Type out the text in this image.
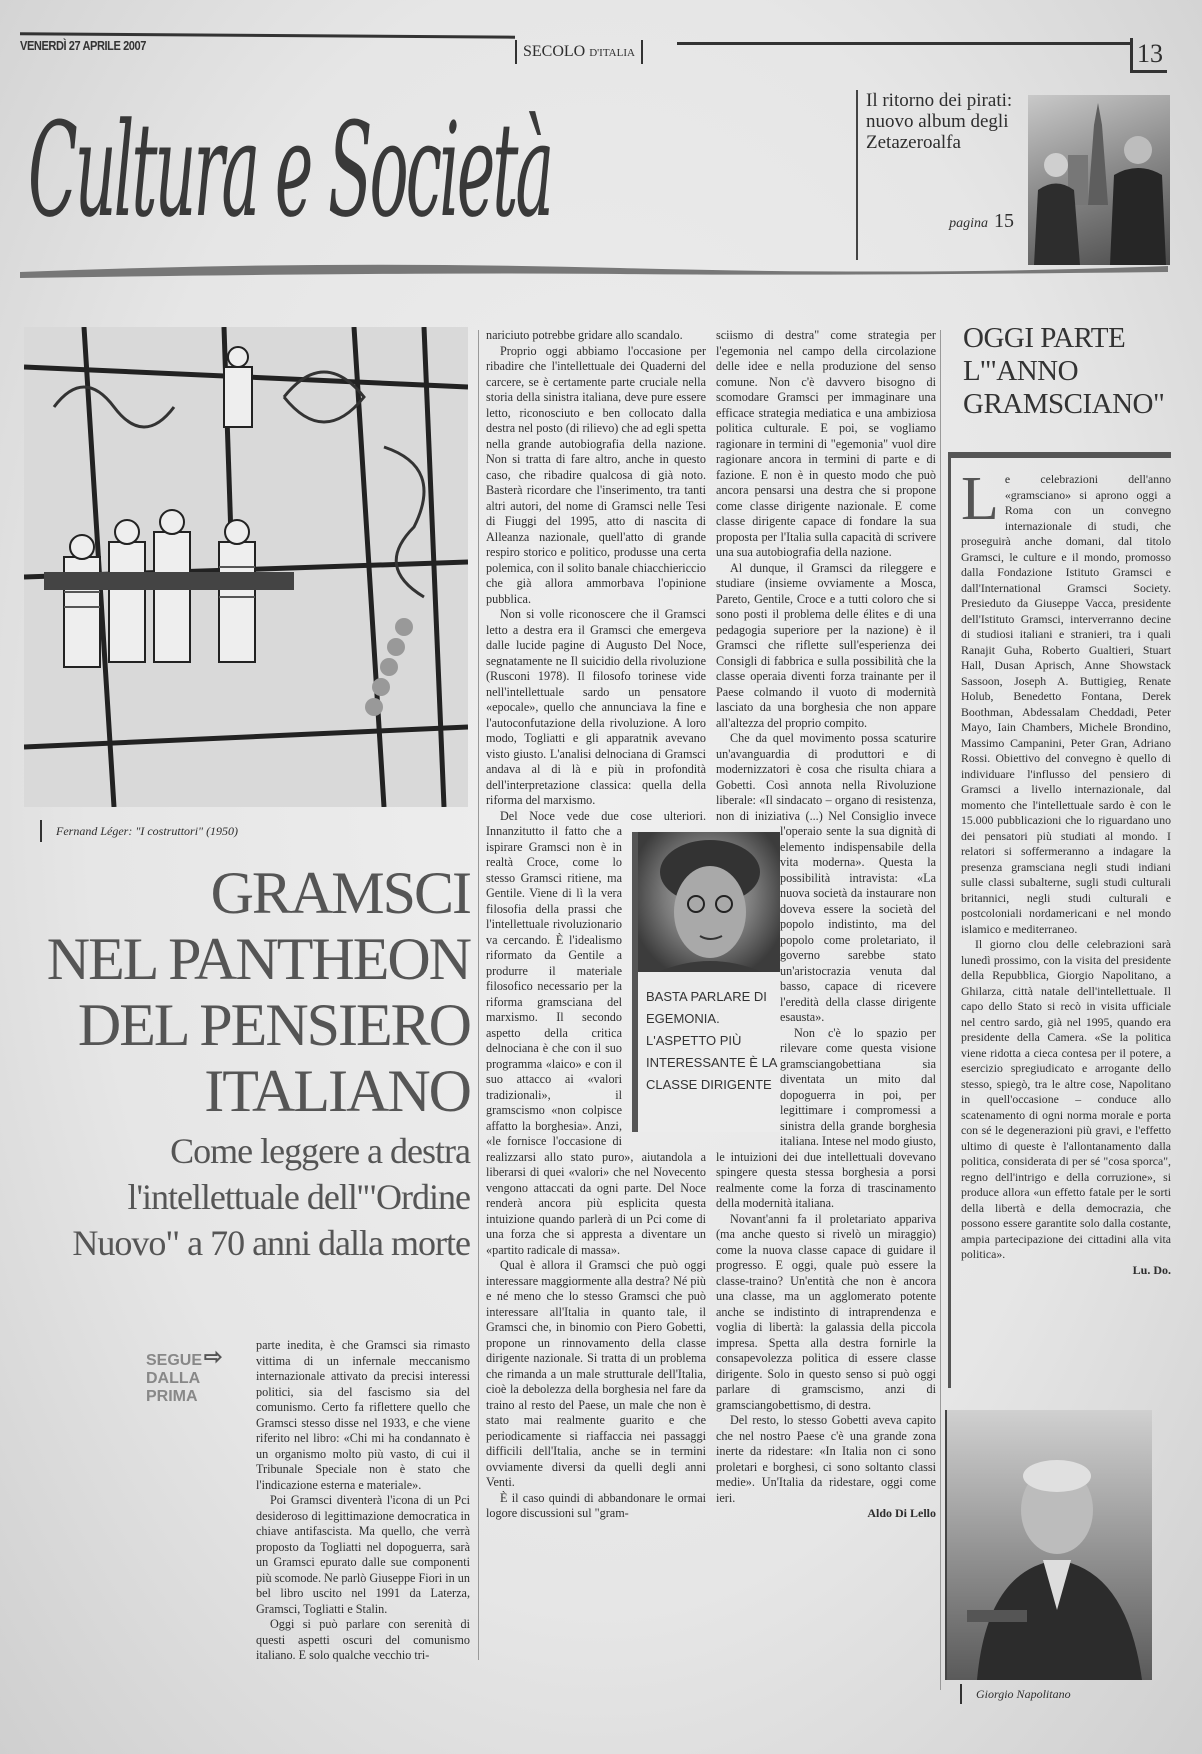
VENERDÌ 27 APRILE 2007	SECOLO D'ITALIA	13
Cultura e Società	Il ritorno dei pirati: nuovo album degli Zetazeroalfa
pagina 15
Fernand Léger: "I costruttori" (1950)
GRAMSCI
NEL PANTHEON
DEL PENSIERO
ITALIANO
Come leggere a destra l'intellettuale dell'"Ordine Nuovo" a 70 anni dalla morte
SEGUE
DALLA
PRIMA
⇨	parte inedita, è che Gramsci sia rimasto vittima di un infernale meccanismo internazionale attivato da precisi interessi politici, sia del fascismo sia del comunismo. Certo fa riflettere quello che Gramsci stesso disse nel 1933, e che viene riferito nel libro: «Chi mi ha condannato è un organismo molto più vasto, di cui il Tribunale Speciale non è stato che l'indicazione esterna e materiale».

Poi Gramsci diventerà l'icona di un Pci desideroso di legittimazione democratica in chiave antifascista. Ma quello, che verrà proposto da Togliatti nel dopoguerra, sarà un Gramsci epurato dalle sue componenti più scomode. Ne parlò Giuseppe Fiori in un bel libro uscito nel 1991 da Laterza, Gramsci, Togliatti e Stalin.

Oggi si può parlare con serenità di questi aspetti oscuri del comunismo italiano. E solo qualche vecchio tri-

nariciuto potrebbe gridare allo scandalo.

Proprio oggi abbiamo l'occasione per ribadire che l'intellettuale dei Quaderni del carcere, se è certamente parte cruciale nella storia della sinistra italiana, deve pure essere letto, riconosciuto e ben collocato dalla destra nel posto (di rilievo) che ad egli spetta nella grande autobiografia della nazione. Non si tratta di fare altro, anche in questo caso, che ribadire qualcosa di già noto. Basterà ricordare che l'inserimento, tra tanti altri autori, del nome di Gramsci nelle Tesi di Fiuggi del 1995, atto di nascita di Alleanza nazionale, quell'atto di grande respiro storico e politico, produsse una certa polemica, con il solito banale chiacchiericcio che già allora ammorbava l'opinione pubblica.

Non si volle riconoscere che il Gramsci letto a destra era il Gramsci che emergeva dalle lucide pagine di Augusto Del Noce, segnatamente ne Il suicidio della rivoluzione (Rusconi 1978). Il filosofo torinese vide nell'intellettuale sardo un pensatore «epocale», quello che annunciava la fine e l'autoconfutazione della rivoluzione. A loro modo, Togliatti e gli apparatnik avevano visto giusto. L'analisi delnociana di Gramsci andava al di là e più in profondità dell'interpretazione classica: quella della riforma del marxismo.

Del Noce vede due cose ulteriori. Innanzitutto il fatto che a ispirare Gramsci non è in realtà Croce, come lo stesso Gramsci ritiene, ma Gentile. Viene di lì la vera filosofia della prassi che l'intellettuale rivoluzionario va cercando. È l'idealismo riformato da Gentile a produrre il materiale filosofico necessario per la riforma gramsciana del marxismo. Il secondo aspetto della critica delnociana è che con il suo programma «laico» e con il suo attacco ai «valori tradizionali», il gramscismo «non colpisce affatto la borghesia». Anzi, «le fornisce l'occasione di realizzarsi allo stato puro», aiutandola a liberarsi di quei «valori» che nel Novecento vengono attaccati da ogni parte. Del Noce renderà ancora più esplicita questa intuizione quando parlerà di un Pci come di una forza che si appresta a diventare un «partito radicale di massa».

Qual è allora il Gramsci che può oggi interessare maggiormente alla destra? Né più e né meno che lo stesso Gramsci che può interessare all'Italia in quanto tale, il Gramsci che, in binomio con Piero Gobetti, propone un rinnovamento della classe dirigente nazionale. Si tratta di un problema che rimanda a un male strutturale dell'Italia, cioè la debolezza della borghesia nel fare da traino al resto del Paese, un male che non è stato mai realmente guarito e che periodicamente si riaffaccia nei passaggi difficili dell'Italia, anche se in termini ovviamente diversi da quelli degli anni Venti.

È il caso quindi di abbandonare le ormai logore discussioni sul "gram-

sciismo di destra" come strategia per l'egemonia nel campo della circolazione delle idee e nella produzione del senso comune. Non c'è davvero bisogno di scomodare Gramsci per immaginare una efficace strategia mediatica e una ambiziosa politica culturale. E poi, se vogliamo ragionare in termini di "egemonia" vuol dire ragionare ancora in termini di parte e di fazione. E non è in questo modo che può ancora pensarsi una destra che si propone come classe dirigente nazionale. E come classe dirigente capace di fondare la sua proposta per l'Italia sulla capacità di scrivere una sua autobiografia della nazione.

Al dunque, il Gramsci da rileggere e studiare (insieme ovviamente a Mosca, Pareto, Gentile, Croce e a tutti coloro che si sono posti il problema delle élites e di una pedagogia superiore per la nazione) è il Gramsci che riflette sull'esperienza dei Consigli di fabbrica e sulla possibilità che la classe operaia diventi forza trainante per il Paese colmando il vuoto di modernità lasciato da una borghesia che non appare all'altezza del proprio compito.

Che da quel movimento possa scaturire un'avanguardia di produttori e di modernizzatori è cosa che risulta chiara a Gobetti. Così annota nella Rivoluzione liberale: «Il sindacato – organo di resistenza, non di iniziativa (...) Nel Consiglio invece l'operaio sente la sua dignità di elemento indispensabile della vita moderna». Questa la possibilità intravista: «La nuova società da instaurare non doveva essere la società del popolo indistinto, ma del popolo come proletariato, il governo sarebbe stato un'aristocrazia venuta dal basso, capace di ricevere l'eredità della classe dirigente esausta».

Non c'è lo spazio per rilevare come questa visione gramsciangobettiana sia diventata un mito dal dopoguerra in poi, per legittimare i compromessi a sinistra della grande borghesia italiana. Intese nel modo giusto, le intuizioni dei due intellettuali dovevano spingere questa stessa borghesia a porsi realmente come la forza di trascinamento della modernità italiana.

Novant'anni fa il proletariato appariva (ma anche questo si rivelò un miraggio) come la nuova classe capace di guidare il progresso. E oggi, quale può essere la classe-traino? Un'entità che non è ancora una classe, ma un agglomerato potente anche se indistinto di intraprendenza e voglia di libertà: la galassia della piccola impresa. Spetta alla destra fornirle la consapevolezza politica di essere classe dirigente. Solo in questo senso si può oggi parlare di gramscismo, anzi di gramsciangobettismo, di destra.

Del resto, lo stesso Gobetti aveva capito che nel nostro Paese c'è una grande zona inerte da ridestare: «In Italia non ci sono proletari e borghesi, ci sono soltanto classi medie». Un'Italia da ridestare, oggi come ieri.

Aldo Di Lello
BASTA PARLARE DI EGEMONIA. L'ASPETTO PIÙ INTERESSANTE È LA CLASSE DIRIGENTE
OGGI PARTE
L'"ANNO
GRAMSCIANO"
L e celebrazioni dell'anno «gramsciano» si aprono oggi a Roma con un convegno internazionale di studi, che proseguirà anche domani, dal titolo Gramsci, le culture e il mondo, promosso dalla Fondazione Istituto Gramsci e dall'International Gramsci Society. Presieduto da Giuseppe Vacca, presidente dell'Istituto Gramsci, interverranno decine di studiosi italiani e stranieri, tra i quali Ranajit Guha, Roberto Gualtieri, Stuart Hall, Dusan Aprisch, Anne Showstack Sassoon, Joseph A. Buttigieg, Renate Holub, Benedetto Fontana, Derek Boothman, Abdessalam Cheddadi, Peter Mayo, Iain Chambers, Michele Brondino, Massimo Campanini, Peter Gran, Adriano Rossi. Obiettivo del convegno è quello di individuare l'influsso del pensiero di Gramsci a livello internazionale, dal momento che l'intellettuale sardo è con le 15.000 pubblicazioni che lo riguardano uno dei pensatori più studiati al mondo. I relatori si soffermeranno a indagare la presenza gramsciana negli studi indiani sulle classi subalterne, sugli studi culturali britannici, negli studi culturali e postcoloniali nordamericani e nel mondo islamico e mediterraneo.

Il giorno clou delle celebrazioni sarà lunedì prossimo, con la visita del presidente della Repubblica, Giorgio Napolitano, a Ghilarza, città natale dell'intellettuale. Il capo dello Stato si recò in visita ufficiale nel centro sardo, già nel 1995, quando era presidente della Camera. «Se la politica viene ridotta a cieca contesa per il potere, a esercizio spregiudicato e arrogante dello stesso, spiegò, tra le altre cose, Napolitano in quell'occasione – conduce allo scatenamento di ogni norma morale e porta con sé le degenerazioni più gravi, e l'effetto ultimo di queste è l'allontanamento dalla politica, considerata di per sé "cosa sporca", regno dell'intrigo e della corruzione», si produce allora «un effetto fatale per le sorti della libertà e della democrazia, che possono essere garantite solo dalla costante, ampia partecipazione dei cittadini alla vita politica».

Lu. Do.
Giorgio Napolitano
